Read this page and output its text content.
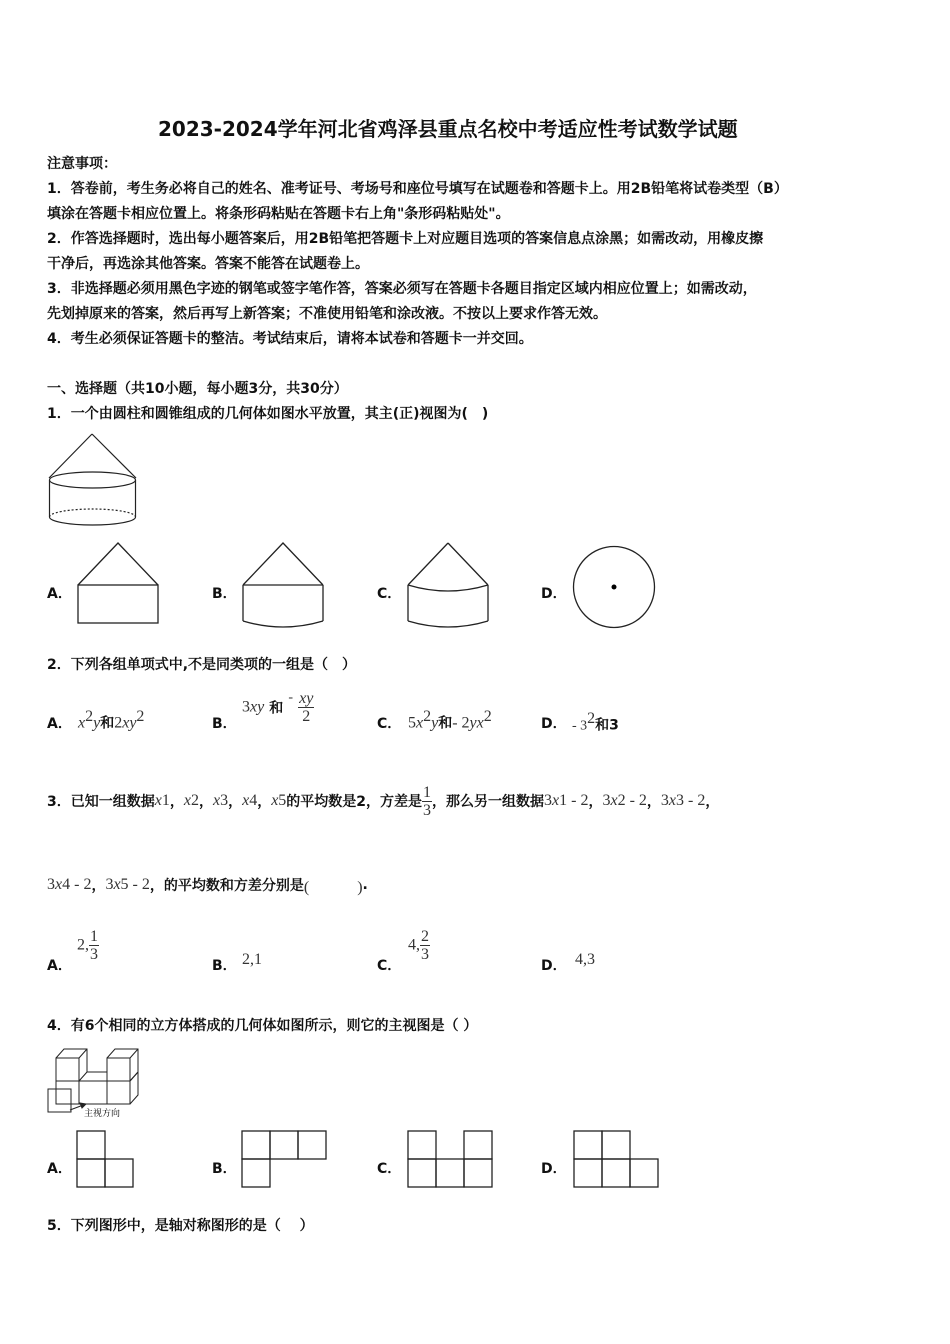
2023-2024学年河北省鸡泽县重点名校中考适应性考试数学试题
注意事项：
1．答卷前，考生务必将自己的姓名、准考证号、考场号和座位号填写在试题卷和答题卡上。用2B铅笔将试卷类型（B）
填涂在答题卡相应位置上。将条形码粘贴在答题卡右上角"条形码粘贴处"。
2．作答选择题时，选出每小题答案后，用2B铅笔把答题卡上对应题目选项的答案信息点涂黑；如需改动，用橡皮擦
干净后，再选涂其他答案。答案不能答在试题卷上。
3．非选择题必须用黑色字迹的钢笔或签字笔作答，答案必须写在答题卡各题目指定区域内相应位置上；如需改动，
先划掉原来的答案，然后再写上新答案；不准使用铅笔和涂改液。不按以上要求作答无效。
4．考生必须保证答题卡的整洁。考试结束后，请将本试卷和答题卡一并交回。
一、选择题（共10小题，每小题3分，共30分）
1．一个由圆柱和圆锥组成的几何体如图水平放置，其主(正)视图为(　)
A．	B．	C．	D．
2．下列各组单项式中,不是同类项的一组是（　）
A． $x^2y$和$2xy^2$	B．
3xy 和 - $\frac{xy}{2}$	C． $5x^2y$和- $2yx^2$	D． - $3^2$和3
3．已知一组数据 x 1 ， x 2 ， x 3 ， x 4 ， x 5 的平均数是2，方差是 $\frac{1}{3}$ ，那么另一组数据 3 x 1
- 2 ， 3 x 2
- 2 ， 3 x 3
- 2 ，
3 x 4
- 2 ， 3 x 5
- 2 ，的平均数和方差分别是 (　　　) .
A．
2, $\frac{1}{3}$
B． 2,1	C．
4, $\frac{2}{3}$
D． 4,3
4．有6个相同的立方体搭成的几何体如图所示，则它的主视图是（ ）
主视方向
A．	B．	C．	D．
5．下列图形中，是轴对称图形的是（　 ）
